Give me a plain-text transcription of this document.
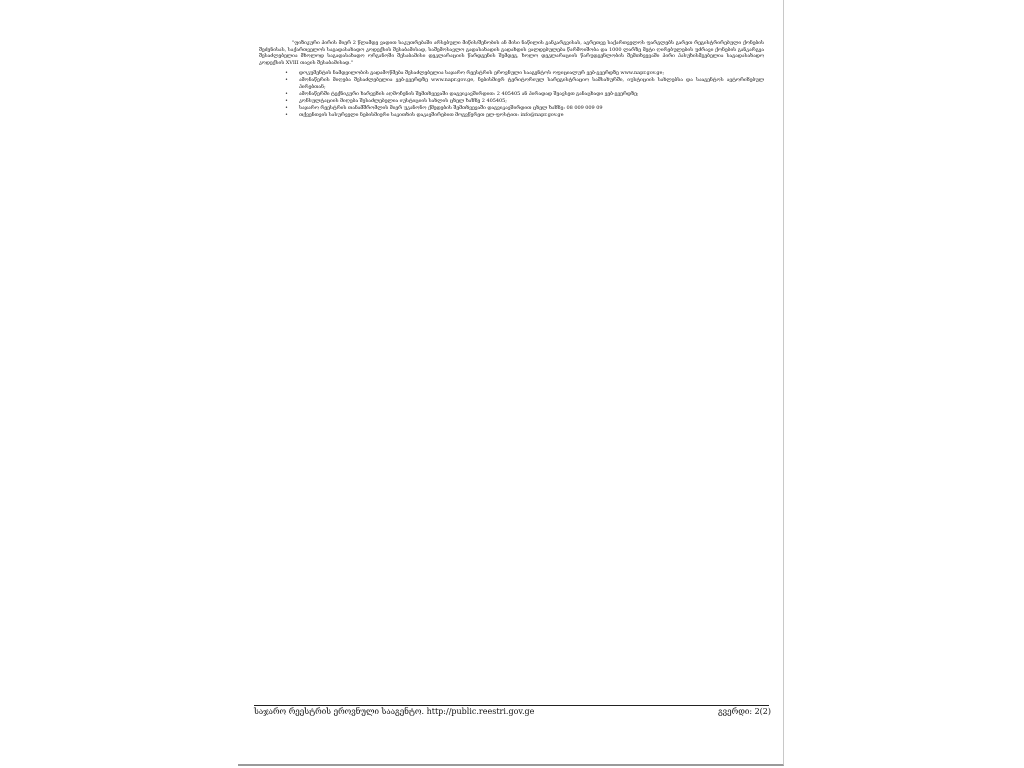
"ფიზიკური პირის მიერ 2 წლამდე ვადით საკუთრებაში არსებული მიწის/შენობის ან მისი ნაწილის განკარგვისას, აგრეთვე საქართველოს ფარგლებს გარეთ რეგისტრირებული ქონების შეძენისას, საქართველოს საგადასახადო კოდექსის შესაბამისად, საშემოსავლო გადასახადის გადახდის ვალდებულება წარმოიშობა და 1000 ლარზე მეტი ღირებულების უძრავი ქონების განკარგვა შესაძლებელია მხოლოდ საგადასახადო ორგანოში შესაბამისი დეკლარაციის წარდგენის შემდეგ, ხოლო დეკლარაციის წარუდგენლობის შემთხვევაში პირი პასუხისმგებელია საგადასახადო კოდექსის XVIII თავის შესაბამისად."

• დოკუმენტის ნამდვილობის გადამოწმება შესაძლებელია საჯარო რეესტრის ეროვნული სააგენტოს ოფიციალურ ვებ-გვერდზე www.napr.gov.ge;
• ამონაწერის მიღება შესაძლებელია ვებ-გვერდზე www.napr.gov.ge, ნებისმიერ ტერიტორიულ სარეგისტრაციო სამსახურში, იუსტიციის სახლებსა და სააგენტოს ავტორიზებულ პირებთან;
• ამონაწერში ტექნიკური ხარვეზის აღმოჩენის შემთხვევაში დაგვიკავშირდით: 2 405405 ან პირადად შეავსეთ განაცხადი ვებ-გვერდზე;
• კონსულტაციის მიღება შესაძლებელია იუსტიციის სახლის ცხელ ხაზზე 2 405405;
• საჯარო რეესტრის თანამშრომლის მიერ უკანონო ქმედების შემთხვევაში დაგვიკავშირდით ცხელ ხაზზე: 08 009 009 09
• თქვენთვის სასურველი ნებისმიერი საკითხის დაკავშირებით მოგვწერეთ ელ-ფოსტით: info@napr.gov.ge
საჯარო რეესტრის ეროვნული სააგენტო. http://public.reestri.gov.ge	გვერდი: 2(2)
